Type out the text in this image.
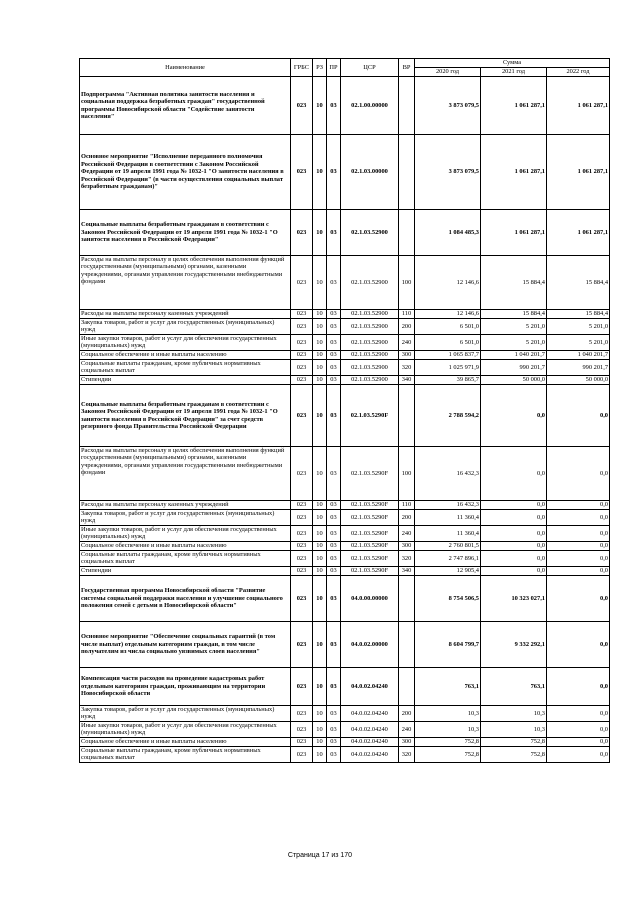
Наименование	ГРБС	РЗ	ПР	ЦСР	ВР	Сумма		
						2020 год	2021 год	2022 год
Подпрограмма "Активная политика занятости населения и социальная поддержка безработных граждан" государственной программы Новосибирской области "Содействие занятости населения"	023	10	03	02.1.00.00000		3 873 079,5	1 061 287,1	1 061 287,1
Основное мероприятие "Исполнение переданного полномочия Российской Федерации в соответствии с Законом Российской Федерации от 19 апреля 1991 года № 1032-1 "О занятости населения в Российской Федерации" (в части осуществления социальных выплат безработным гражданам)"	023	10	03	02.1.03.00000		3 873 079,5	1 061 287,1	1 061 287,1
Социальные выплаты безработным гражданам в соответствии с Законом Российской Федерации от 19 апреля 1991 года № 1032-1 "О занятости населения в Российской Федерации"	023	10	03	02.1.03.52900		1 084 485,3	1 061 287,1	1 061 287,1
Расходы на выплаты персоналу в целях обеспечения выполнения функций государственными (муниципальными) органами, казенными учреждениями, органами управления государственными внебюджетными фондами	023	10	03	02.1.03.52900	100	12 146,6	15 884,4	15 884,4
Расходы на выплаты персоналу казенных учреждений	023	10	03	02.1.03.52900	110	12 146,6	15 884,4	15 884,4
Закупка товаров, работ и услуг для государственных (муниципальных) нужд	023	10	03	02.1.03.52900	200	6 501,0	5 201,0	5 201,0
Иные закупки товаров, работ и услуг для обеспечения государственных (муниципальных) нужд	023	10	03	02.1.03.52900	240	6 501,0	5 201,0	5 201,0
Социальное обеспечение и иные выплаты населению	023	10	03	02.1.03.52900	300	1 065 837,7	1 040 201,7	1 040 201,7
Социальные выплаты гражданам, кроме публичных нормативных социальных выплат	023	10	03	02.1.03.52900	320	1 025 971,9	990 201,7	990 201,7
Стипендии	023	10	03	02.1.03.52900	340	39 865,7	50 000,0	50 000,0
Социальные выплаты безработным гражданам в соответствии с Законом Российской Федерации от 19 апреля 1991 года № 1032-1 "О занятости населения в Российской Федерации" за счет средств резервного фонда Правительства Российской Федерации	023	10	03	02.1.03.5290F		2 788 594,2	0,0	0,0
Расходы на выплаты персоналу в целях обеспечения выполнения функций государственными (муниципальными) органами, казенными учреждениями, органами управления государственными внебюджетными фондами	023	10	03	02.1.03.5290F	100	16 432,3	0,0	0,0
Расходы на выплаты персоналу казенных учреждений	023	10	03	02.1.03.5290F	110	16 432,3	0,0	0,0
Закупка товаров, работ и услуг для государственных (муниципальных) нужд	023	10	03	02.1.03.5290F	200	11 360,4	0,0	0,0
Иные закупки товаров, работ и услуг для обеспечения государственных (муниципальных) нужд	023	10	03	02.1.03.5290F	240	11 360,4	0,0	0,0
Социальное обеспечение и иные выплаты населению	023	10	03	02.1.03.5290F	300	2 760 801,5	0,0	0,0
Социальные выплаты гражданам, кроме публичных нормативных социальных выплат	023	10	03	02.1.03.5290F	320	2 747 896,1	0,0	0,0
Стипендии	023	10	03	02.1.03.5290F	340	12 905,4	0,0	0,0
Государственная программа Новосибирской области "Развитие системы социальной поддержки населения и улучшение социального положения семей с детьми в Новосибирской области"	023	10	03	04.0.00.00000		8 754 506,5	10 323 027,1	0,0
Основное мероприятие "Обеспечение социальных гарантий (в том числе выплат) отдельным категориям граждан, в том числе получателям из числа социально уязвимых слоев населения"	023	10	03	04.0.02.00000		8 604 799,7	9 332 292,1	0,0
Компенсация части расходов на проведение кадастровых работ отдельным категориям граждан, проживающим на территории Новосибирской области	023	10	03	04.0.02.04240		763,1	763,1	0,0
Закупка товаров, работ и услуг для государственных (муниципальных) нужд	023	10	03	04.0.02.04240	200	10,3	10,3	0,0
Иные закупки товаров, работ и услуг для обеспечения государственных (муниципальных) нужд	023	10	03	04.0.02.04240	240	10,3	10,3	0,0
Социальное обеспечение и иные выплаты населению	023	10	03	04.0.02.04240	300	752,8	752,8	0,0
Социальные выплаты гражданам, кроме публичных нормативных социальных выплат	023	10	03	04.0.02.04240	320	752,8	752,8	0,0
Страница 17 из 170
